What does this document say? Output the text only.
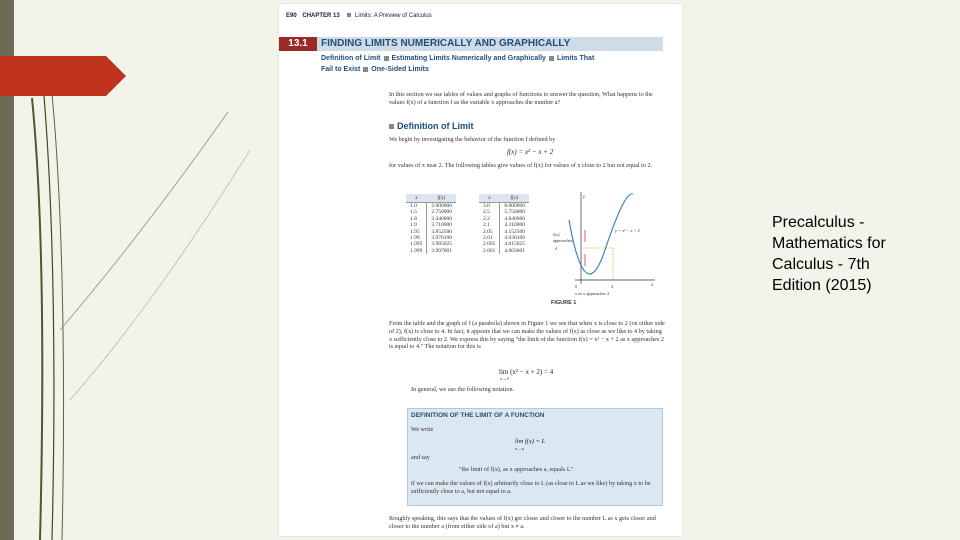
E90 CHAPTER 13	Limits: A Preview of Calculus
13.1	FINDING LIMITS NUMERICALLY AND GRAPHICALLY
Definition of Limit Estimating Limits Numerically and Graphically Limits That
Fail to Exist One-Sided Limits
In this section we use tables of values and graphs of functions to answer the question, What happens to the values f(x) of a function f as the variable x approaches the number a?
Definition of Limit
We begin by investigating the behavior of the function f defined by
f(x) = x² − x + 2
for values of x near 2. The following tables give values of f(x) for values of x close to 2 but not equal to 2.
x	f(x)
1.0	2.000000
1.5	2.750000
1.8	3.440000
1.9	3.710000
1.95	3.852500
1.99	3.970100
1.995	3.985025
1.999	3.997001
x	f(x)
3.0	8.000000
2.5	5.750000
2.2	4.640000
2.1	4.310000
2.05	4.152500
2.01	4.030100
2.005	4.015025
2.001	4.003001
y
x
f(x)
approaches
4
y = x² − x + 2
0	2
x as x approaches 2
FIGURE 1
From the table and the graph of f (a parabola) shown in Figure 1 we see that when x is close to 2 (on either side of 2), f(x) is close to 4. In fact, it appears that we can make the values of f(x) as close as we like to 4 by taking x sufficiently close to 2. We express this by saying "the limit of the function f(x) = x² − x + 2 as x approaches 2 is equal to 4." The notation for this is
lim (x² − x + 2) = 4
x→2
In general, we use the following notation.
DEFINITION OF THE LIMIT OF A FUNCTION
We write
lim f(x) = L
x→a
and say
"the limit of f(x), as x approaches a, equals L"
if we can make the values of f(x) arbitrarily close to L (as close to L as we like) by taking x to be sufficiently close to a, but not equal to a.
Roughly speaking, this says that the values of f(x) get closer and closer to the number L as x gets closer and closer to the number a (from either side of a) but x ≠ a.
Precalculus - Mathematics for Calculus - 7th Edition (2015)
